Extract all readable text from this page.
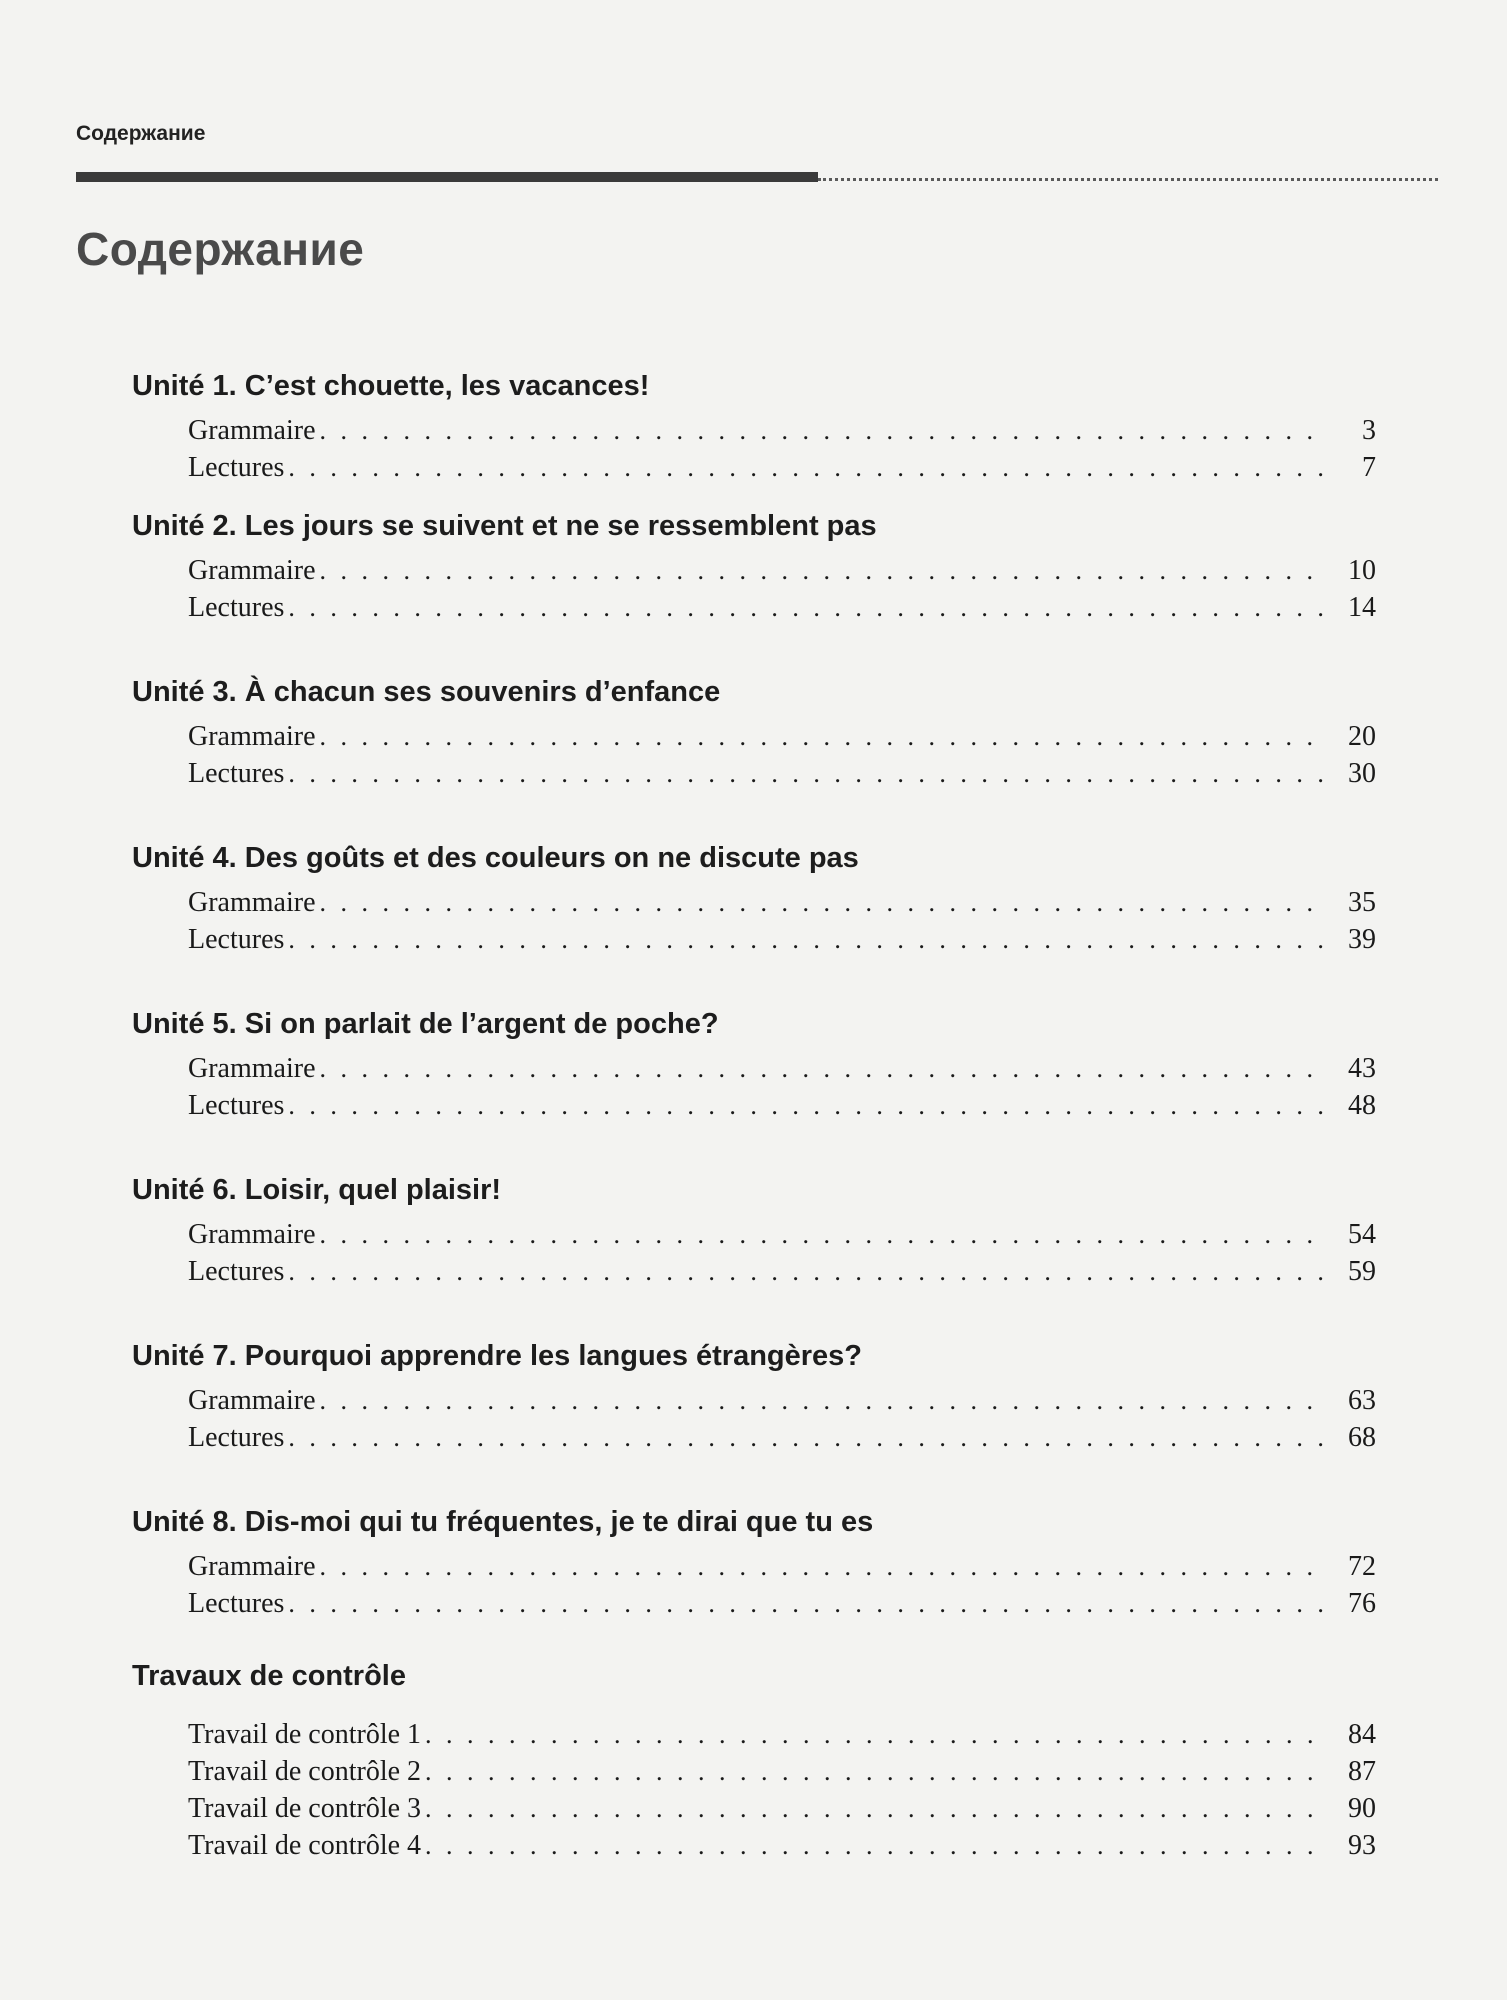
Содержание
Содержание
Unité 1. C’est chouette, les vacances!
Grammaire . . .	3
Lectures . . .	7
Unité 2. Les jours se suivent et ne se ressemblent pas
Grammaire . . .	10
Lectures . . .	14
Unité 3. À chacun ses souvenirs d’enfance
Grammaire . . .	20
Lectures . . .	30
Unité 4. Des goûts et des couleurs on ne discute pas
Grammaire . . .	35
Lectures . . .	39
Unité 5. Si on parlait de l’argent de poche?
Grammaire . . .	43
Lectures . . .	48
Unité 6. Loisir, quel plaisir!
Grammaire . . .	54
Lectures . . .	59
Unité 7. Pourquoi apprendre les langues étrangères?
Grammaire . . .	63
Lectures . . .	68
Unité 8. Dis-moi qui tu fréquentes, je te dirai que tu es
Grammaire . . .	72
Lectures . . .	76
Travaux de contrôle
Travail de contrôle 1 . . .	84
Travail de contrôle 2 . . .	87
Travail de contrôle 3 . . .	90
Travail de contrôle 4 . . .	93
